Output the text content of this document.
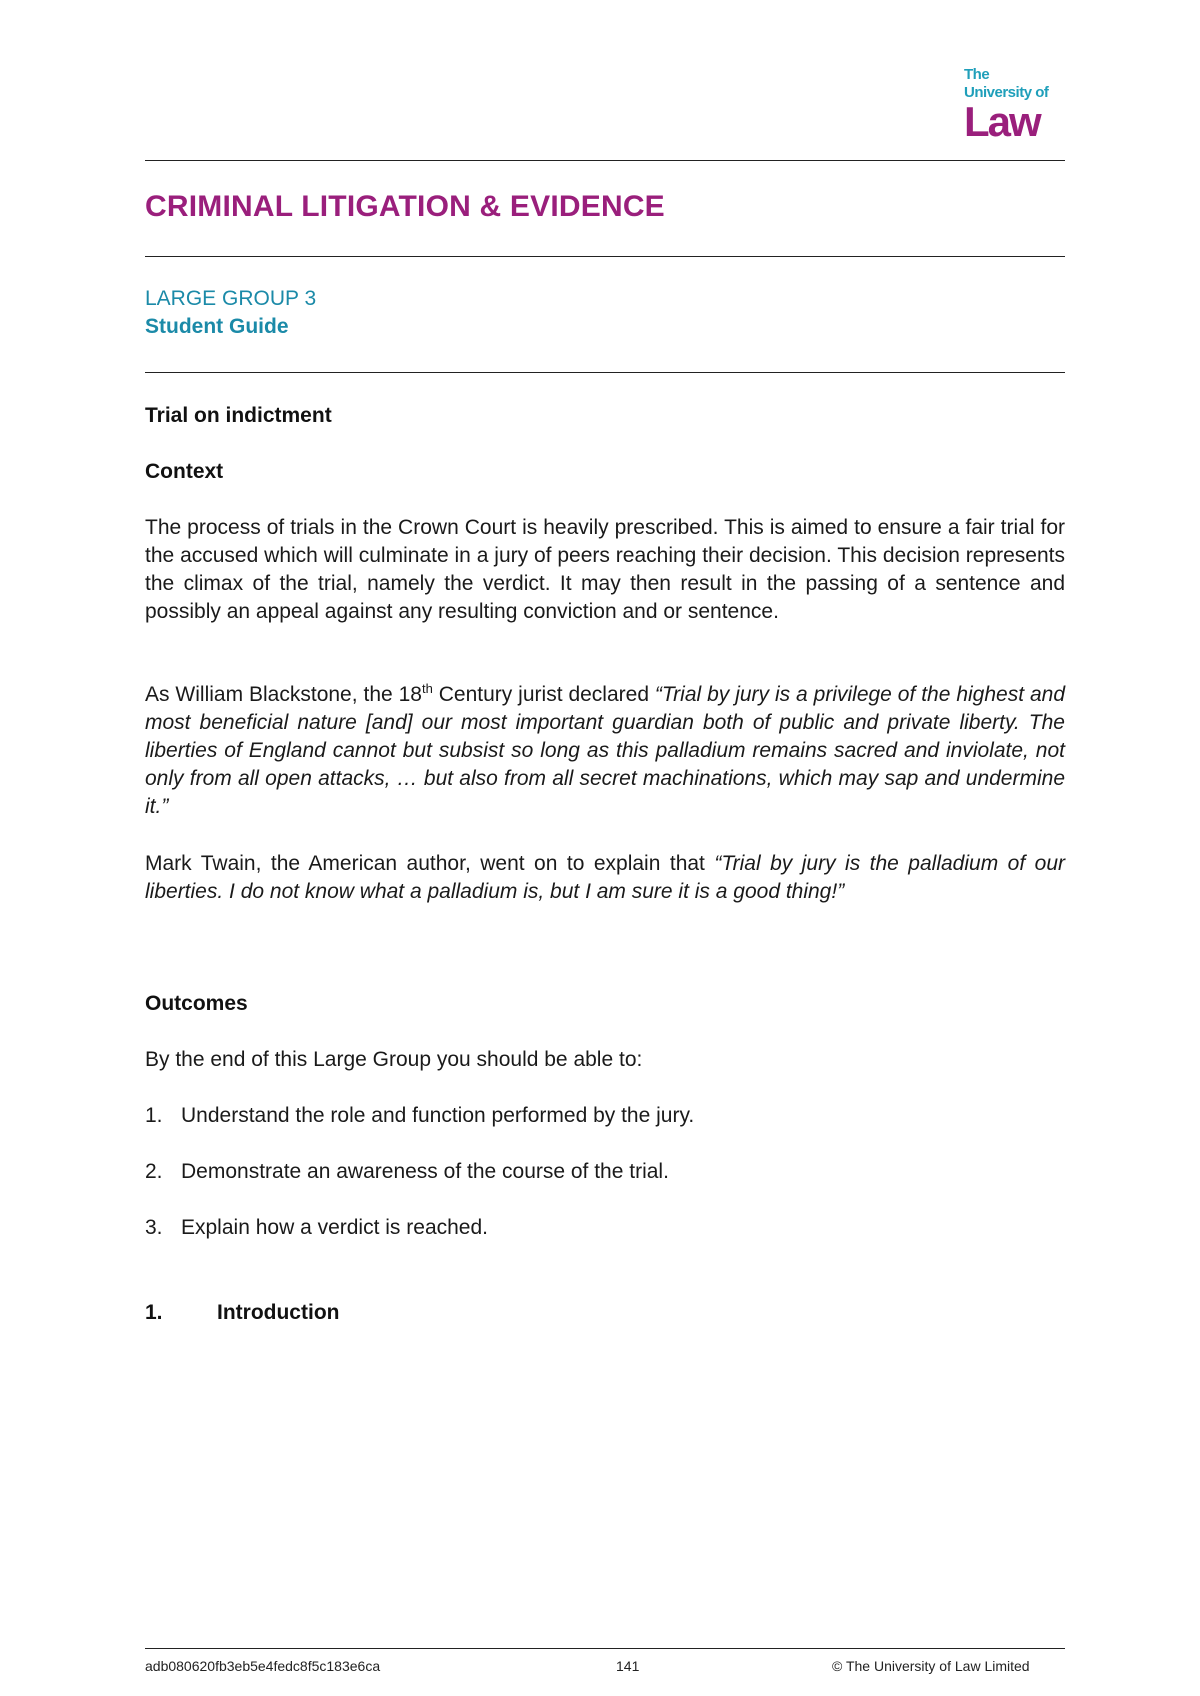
The
University of
Law
CRIMINAL LITIGATION & EVIDENCE
LARGE GROUP 3
Student Guide
Trial on indictment
Context
The process of trials in the Crown Court is heavily prescribed. This is aimed to ensure a fair trial for the accused which will culminate in a jury of peers reaching their decision. This decision represents the climax of the trial, namely the verdict. It may then result in the passing of a sentence and possibly an appeal against any resulting conviction and or sentence.
As William Blackstone, the 18th Century jurist declared “Trial by jury is a privilege of the highest and most beneficial nature [and] our most important guardian both of public and private liberty. The liberties of England cannot but subsist so long as this palladium remains sacred and inviolate, not only from all open attacks, … but also from all secret machinations, which may sap and undermine it.”
Mark Twain, the American author, went on to explain that “Trial by jury is the palladium of our liberties. I do not know what a palladium is, but I am sure it is a good thing!”
Outcomes
By the end of this Large Group you should be able to:
1. Understand the role and function performed by the jury.
2. Demonstrate an awareness of the course of the trial.
3. Explain how a verdict is reached.
1.	Introduction
adb080620fb3eb5e4fedc8f5c183e6ca	141	© The University of Law Limited
